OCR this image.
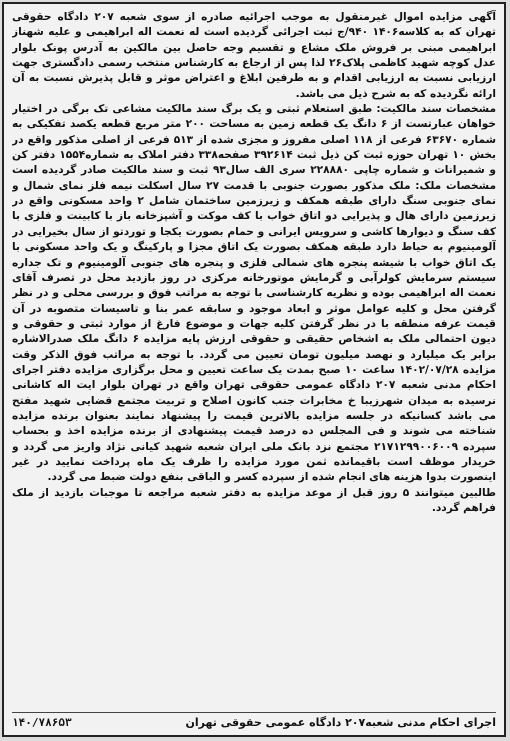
آگهی مزایده اموال غیرمنقول به موجب اجرائیه صادره از سوی شعبه ۲۰۷ دادگاه حقوقی تهران که به کلاسه۱۴۰۶ ۹۴۰/ج ثبت اجرائی گردیده است له نعمت اله ابراهیمی و علیه شهناز ابراهیمی مبنی بر فروش ملک مشاع و تقسیم وجه حاصل بین مالکین به آدرس پونک بلوار عدل کوچه شهید کاظمی پلاک۲۶ لذا پس از ارجاع به کارشناس منتخب رسمی دادگستری جهت ارزیابی نسبت به ارزیابی اقدام و به طرفین ابلاغ و اعتراض موثر و قابل پذیرش نسبت به آن ارائه نگردیده که به شرح ذیل می باشد.

مشخصات سند مالکیت: طبق استعلام ثبتی و یک برگ سند مالکیت مشاعی تک برگی در اختیار خواهان عبارتست از ۶ دانگ یک قطعه زمین به مساحت ۲۰۰ متر مربع قطعه یکصد تفکیکی به شماره ۶۳۶۷۰ فرعی از ۱۱۸ اصلی مفروز و مجزی شده از ۵۱۳ فرعی از اصلی مذکور واقع در بخش ۱۰ تهران حوزه ثبت کن ذیل ثبت ۳۹۲۶۱۴ صفحه۳۳۸ دفتر املاک به شماره۱۵۵۴ دفتر کن و شمیرانات و شماره چاپی ۲۲۸۸۸۰ سری الف سال۹۳ ثبت و سند مالکیت صادر گردیده است مشخصات ملک: ملک مذکور بصورت جنوبی با قدمت ۲۷ سال اسکلت نیمه فلز نمای شمال و نمای جنوبی سنگ دارای طبقه همکف و زیرزمین ساختمان شامل ۲ واحد مسکونی واقع در زیرزمین دارای هال و پذیرایی دو اتاق خواب با کف موکت و آشپزخانه باز با کابینت و فلزی با کف سنگ و دیوارها کاشی و سرویس ایرانی و حمام بصورت یکجا و توردتو از سال بخیرایی در آلومینیوم به حیاط دارد طبقه همکف بصورت یک اتاق مجزا و پارکینگ و یک واحد مسکونی با یک اتاق خواب با شیشه پنجره های شمالی فلزی و پنجره های جنوبی آلومینیوم و تک جداره سیستم سرمایش کولرآبی و گرمایش موتورخانه مرکزی در روز بازدید محل در تصرف آقای نعمت اله ابراهیمی بوده و نظریه کارشناسی با توجه به مراتب فوق و بررسی محلی و در نظر گرفتن محل و کلیه عوامل موثر و ابعاد موجود و سابقه عمر بنا و تاسیسات متصوبه در آن قیمت عرفه منطقه با در نظر گرفتن کلیه جهات و موضوع فارغ از موارد ثبتی و حقوقی و دیون احتمالی ملک به اشخاص حقیقی و حقوقی ارزش پایه مزایده ۶ دانگ ملک صدرالاشاره برابر یک میلیارد و نهصد میلیون تومان تعیین می گردد. با توجه به مراتب فوق الذکر وقت مزایده ۱۴۰۲/۰۷/۲۸ ساعت ۱۰ صبح بمدت یک ساعت تعیین و محل برگزاری مزایده دفتر اجرای احکام مدنی شعبه ۲۰۷ دادگاه عمومی حقوقی تهران واقع در تهران بلوار ایت اله کاشانی نرسیده به میدان شهرزیبا خ مخابرات جنب کانون اصلاح و تربیت مجتمع قضایی شهید مفتح می باشد کسانیکه در جلسه مزایده بالاترین قیمت را پیشنهاد نمایند بعنوان برنده مزایده شناخته می شوند و فی المجلس ده درصد قیمت پیشنهادی از برنده مزایده اخذ و بحساب سپرده ۲۱۷۱۲۹۹۰۰۶۰۰۹ مجتمع نزد بانک ملی ایران شعبه شهید کیانی نژاد واریز می گردد و خریدار موظف است باقیمانده ثمن مورد مزایده را ظرف یک ماه پرداخت نمایید در غیر اینصورت بدوا هزینه های انجام شده از سپرده کسر و الباقی بنفع دولت ضبط می گردد.

طالبین میتوانند ۵ روز قبل از موعد مزایده به دفتر شعبه مراجعه تا موجبات بازدید از ملک فراهم گردد.

اجرای احکام مدنی شعبه۲۰۷ دادگاه عمومی حقوقی تهران
۱۴۰/۷۸۶۵۳
